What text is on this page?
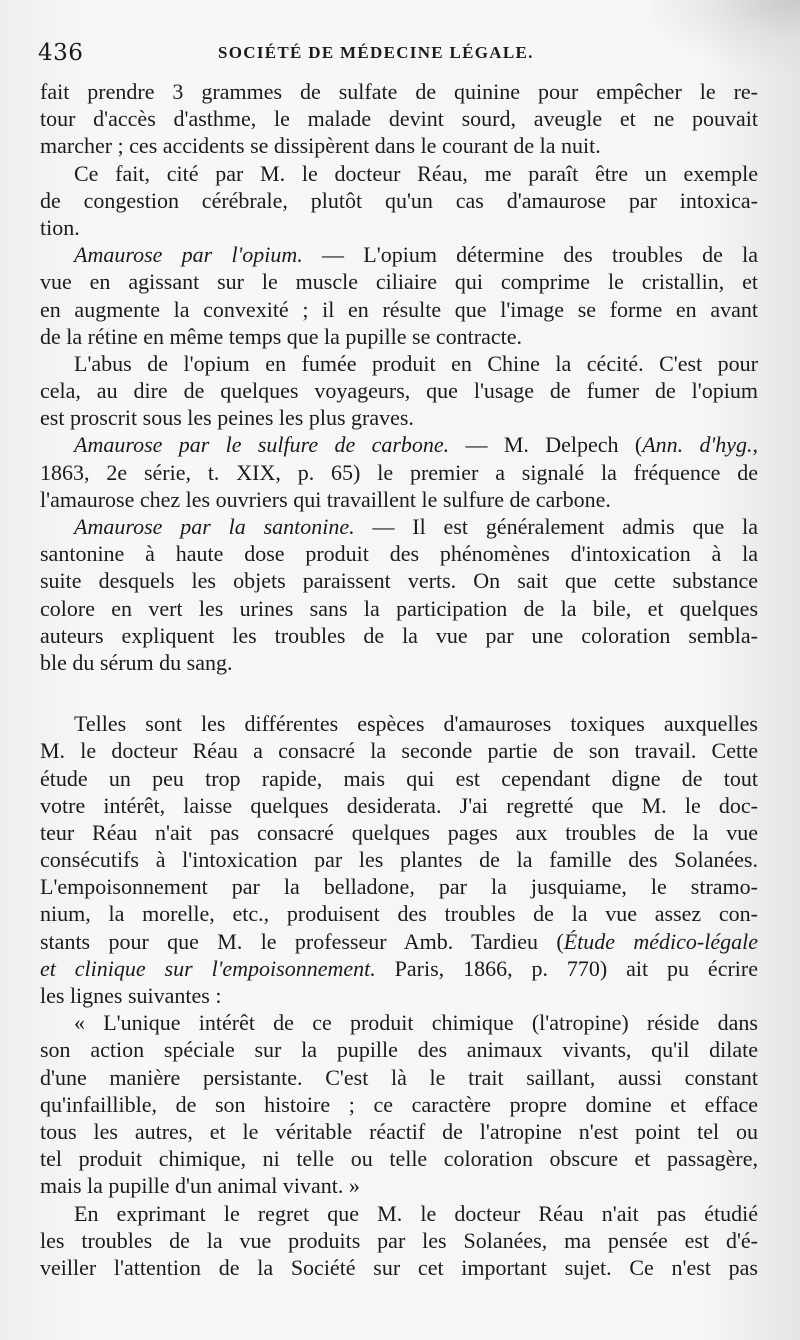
436	SOCIÉTÉ DE MÉDECINE LÉGALE.
fait prendre 3 grammes de sulfate de quinine pour empêcher le re-
tour d'accès d'asthme, le malade devint sourd, aveugle et ne pouvait
marcher ; ces accidents se dissipèrent dans le courant de la nuit.
Ce fait, cité par M. le docteur Réau, me paraît être un exemple
de congestion cérébrale, plutôt qu'un cas d'amaurose par intoxica-
tion.
Amaurose par l'opium. — L'opium détermine des troubles de la
vue en agissant sur le muscle ciliaire qui comprime le cristallin, et
en augmente la convexité ; il en résulte que l'image se forme en avant
de la rétine en même temps que la pupille se contracte.
L'abus de l'opium en fumée produit en Chine la cécité. C'est pour
cela, au dire de quelques voyageurs, que l'usage de fumer de l'opium
est proscrit sous les peines les plus graves.
Amaurose par le sulfure de carbone. — M. Delpech (Ann. d'hyg.,
1863, 2e série, t. XIX, p. 65) le premier a signalé la fréquence de
l'amaurose chez les ouvriers qui travaillent le sulfure de carbone.
Amaurose par la santonine. — Il est généralement admis que la
santonine à haute dose produit des phénomènes d'intoxication à la
suite desquels les objets paraissent verts. On sait que cette substance
colore en vert les urines sans la participation de la bile, et quelques
auteurs expliquent les troubles de la vue par une coloration sembla-
ble du sérum du sang.
Telles sont les différentes espèces d'amauroses toxiques auxquelles
M. le docteur Réau a consacré la seconde partie de son travail. Cette
étude un peu trop rapide, mais qui est cependant digne de tout
votre intérêt, laisse quelques desiderata. J'ai regretté que M. le doc-
teur Réau n'ait pas consacré quelques pages aux troubles de la vue
consécutifs à l'intoxication par les plantes de la famille des Solanées.
L'empoisonnement par la belladone, par la jusquiame, le stramo-
nium, la morelle, etc., produisent des troubles de la vue assez con-
stants pour que M. le professeur Amb. Tardieu (Étude médico-légale
et clinique sur l'empoisonnement. Paris, 1866, p. 770) ait pu écrire
les lignes suivantes :
« L'unique intérêt de ce produit chimique (l'atropine) réside dans
son action spéciale sur la pupille des animaux vivants, qu'il dilate
d'une manière persistante. C'est là le trait saillant, aussi constant
qu'infaillible, de son histoire ; ce caractère propre domine et efface
tous les autres, et le véritable réactif de l'atropine n'est point tel ou
tel produit chimique, ni telle ou telle coloration obscure et passagère,
mais la pupille d'un animal vivant. »
En exprimant le regret que M. le docteur Réau n'ait pas étudié
les troubles de la vue produits par les Solanées, ma pensée est d'é-
veiller l'attention de la Société sur cet important sujet. Ce n'est pas
